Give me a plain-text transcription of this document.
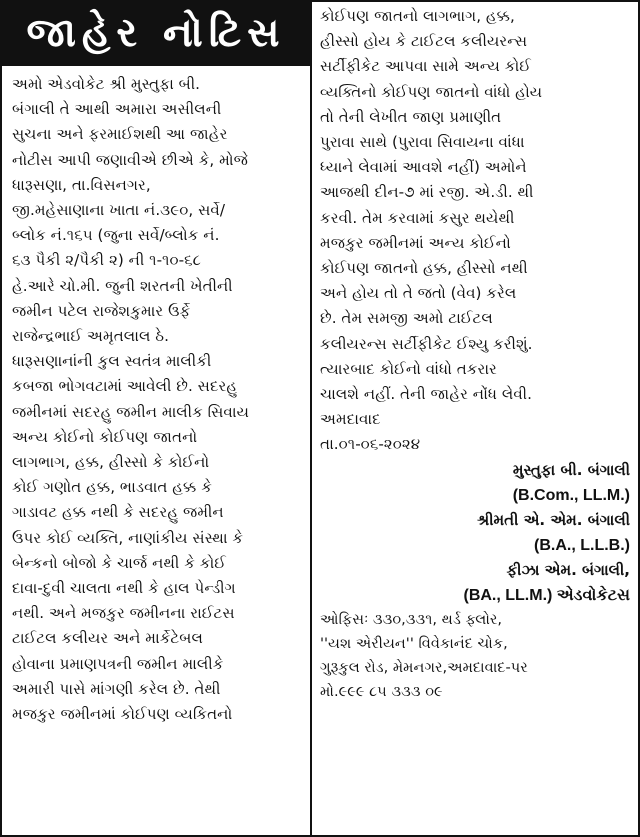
જાહેર નોટિસ
અમો એડવોકેટ શ્રી મુસ્તુફા બી.
બંગાલી તે આથી અમારા અસીલની
સુચના અને ફરમાઈશથી આ જાહેર
નોટીસ આપી જણાવીએ છીએ કે, મોજે
ધારૂસણા, તા.વિસનગર,
જી.મહેસાણાના ખાતા નં.૩૯૦, સર્વે/
બ્લોક નં.૧૬૫ (જુના સર્વે/બ્લોક નં.
૬૩ પૈકી ૨/પૈકી ૨) ની ૧-૧૦-૬૮
હે.આરે ચો.મી. જુની શરતની ખેતીની
જમીન પટેલ રાજેશકુમાર ઉર્ફે
રાજેન્દ્રભાઈ અમૃતલાલ ઠે.
ધારૂસણાનાંની કુલ સ્વતંત્ર માલીકી
કબજા ભોગવટામાં આવેલી છે. સદરહુ
જમીનમાં સદરહુ જમીન માલીક સિવાય
અન્ય કોઈનો કોઈપણ જાતનો
લાગભાગ, હક્ક, હીસ્સો કે કોઈનો
કોઈ ગણોત હક્ક, ભાડવાત હક્ક કે
ગાડાવટ હક્ક નથી કે સદરહુ જમીન
ઉપર કોઈ વ્યક્તિ, નાણાંકીય સંસ્થા કે
બેન્કનો બોજો કે ચાર્જ નથી કે કોઈ
દાવા-દુવી ચાલતા નથી કે હાલ પેન્ડીગ
નથી. અને મજકુર જમીનના રાઈટસ
ટાઈટલ કલીયર અને માર્કેટેબલ
હોવાના પ્રમાણપત્રની જમીન માલીકે
અમારી પાસે માંગણી કરેલ છે. તેથી
મજકુર જમીનમાં કોઈપણ વ્યકિતનો
કોઈપણ જાતનો લાગભાગ, હક્ક,
હીસ્સો હોય કે ટાઈટલ કલીયરન્સ
સર્ટીફીકેટ આપવા સામે અન્ય કોઈ
વ્યક્તિનો કોઈપણ જાતનો વાંધો હોય
તો તેની લેખીત જાણ પ્રમાણીત
પુરાવા સાથે (પુરાવા સિવાયના વાંધા
ધ્યાને લેવામાં આવશે નહીં) અમોને
આજથી દીન-૭ માં રજી. એ.ડી. થી
કરવી. તેમ કરવામાં કસુર થયેથી
મજકુર જમીનમાં અન્ય કોઈનો
કોઈપણ જાતનો હક્ક, હીસ્સો નથી
અને હોય તો તે જતો (વેવ) કરેલ
છે. તેમ સમજી અમો ટાઈટલ
કલીયરન્સ સર્ટીફીકેટ ઈશ્યુ કરીશું.
ત્યારબાદ કોઈનો વાંધો તકરાર
ચાલશે નહીં. તેની જાહેર નોંધ લેવી.
અમદાવાદ
તા.૦૧-૦૬-૨૦૨૪
મુસ્તુફા બી. બંગાલી
(B.Com., LL.M.)
શ્રીમતી એ. એમ. બંગાલી
(B.A., L.L.B.)
ફીઝા એમ. બંગાલી,
(BA., LL.M.) એડવોકેટસ
ઓફિસઃ ૩૩૦,૩૩૧, થર્ડ ફ્લોર,
''યશ એરીયન'' વિવેકાનંદ ચોક,
ગુરૂકુલ રોડ, મેમનગર,અમદાવાદ-પર
મો.૯૯૯ ૮૫ ૩૩૩ ૦૯
